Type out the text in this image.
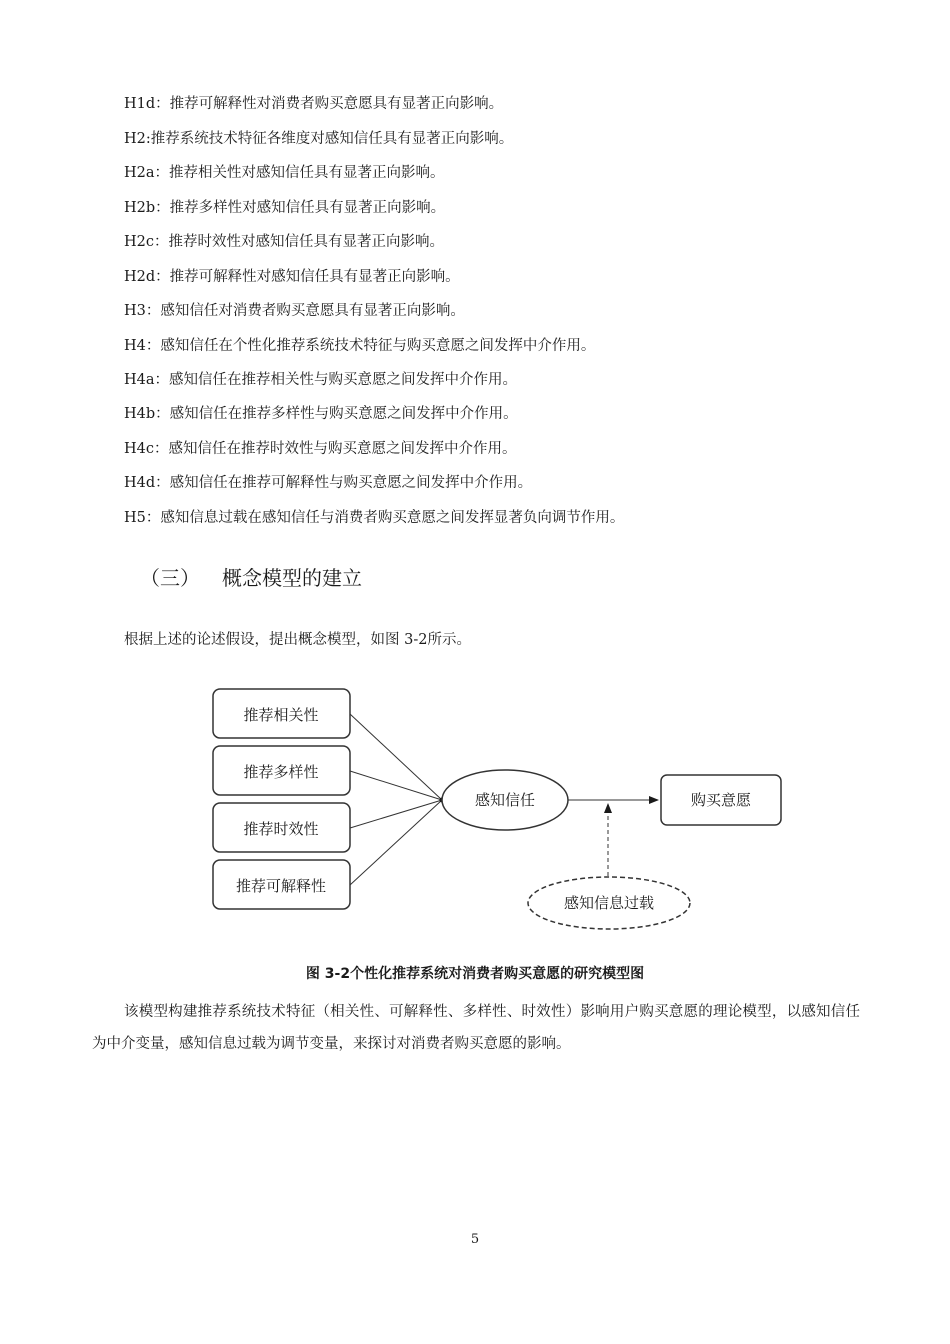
H1d：推荐可解释性对消费者购买意愿具有显著正向影响。
H2:推荐系统技术特征各维度对感知信任具有显著正向影响。
H2a：推荐相关性对感知信任具有显著正向影响。
H2b：推荐多样性对感知信任具有显著正向影响。
H2c：推荐时效性对感知信任具有显著正向影响。
H2d：推荐可解释性对感知信任具有显著正向影响。
H3：感知信任对消费者购买意愿具有显著正向影响。
H4：感知信任在个性化推荐系统技术特征与购买意愿之间发挥中介作用。
H4a：感知信任在推荐相关性与购买意愿之间发挥中介作用。
H4b：感知信任在推荐多样性与购买意愿之间发挥中介作用。
H4c：感知信任在推荐时效性与购买意愿之间发挥中介作用。
H4d：感知信任在推荐可解释性与购买意愿之间发挥中介作用。
H5：感知信息过载在感知信任与消费者购买意愿之间发挥显著负向调节作用。
（三） 概念模型的建立
根据上述的论述假设，提出概念模型，如图 3-2所示。
推荐相关性
推荐多样性
推荐时效性
推荐可解释性
感知信任	购买意愿
感知信息过载
图 3-2个性化推荐系统对消费者购买意愿的研究模型图
该模型构建推荐系统技术特征（相关性、可解释性、多样性、时效性）影响用户购买意愿的理论模型，以感知信任为中介变量，感知信息过载为调节变量，来探讨对消费者购买意愿的影响。
5
